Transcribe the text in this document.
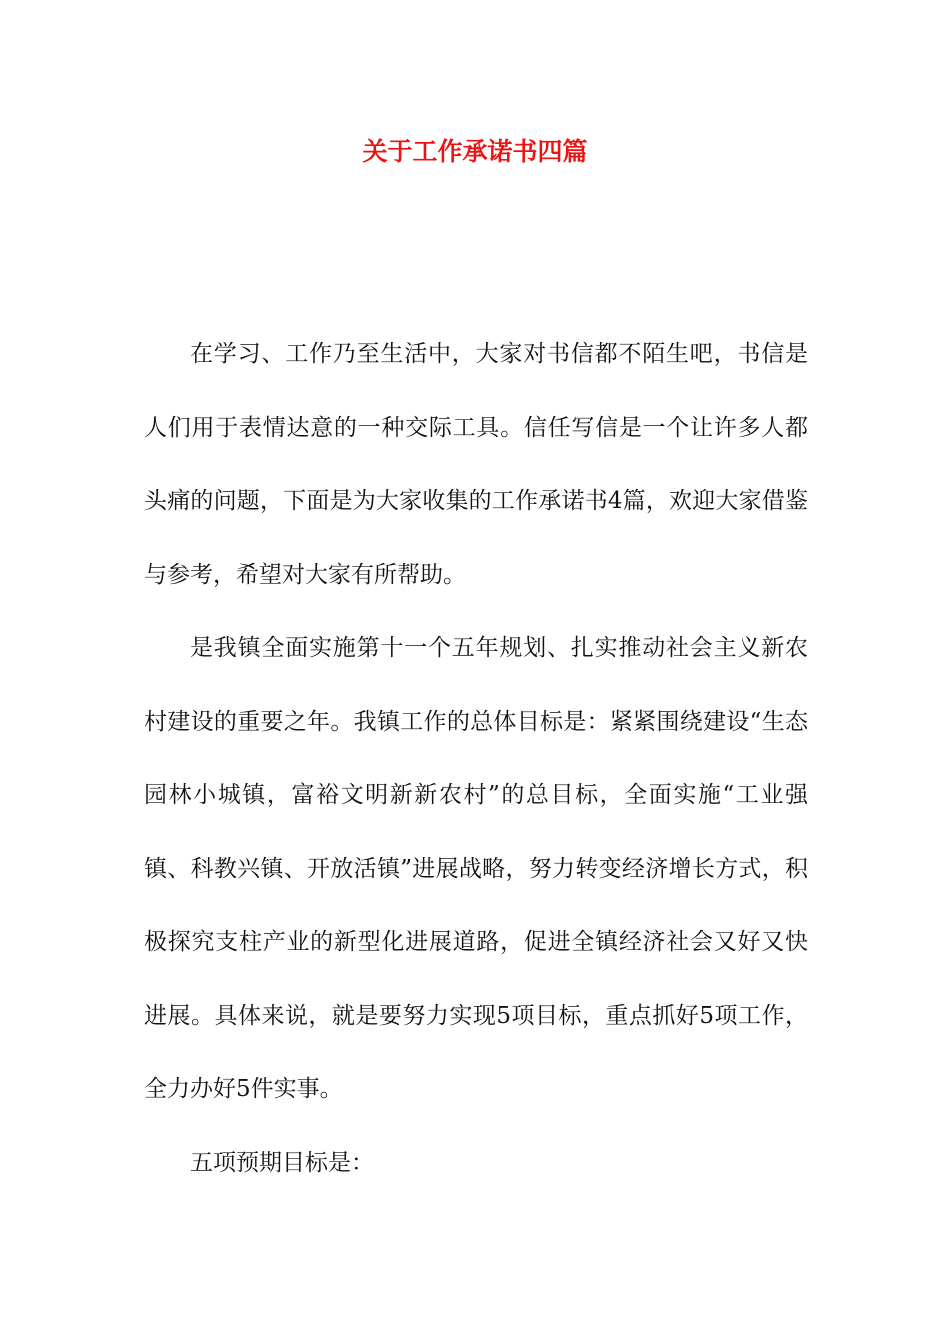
关于工作承诺书四篇

在学习、工作乃至生活中，大家对书信都不陌生吧，书信是人们用于表情达意的一种交际工具。信任写信是一个让许多人都头痛的问题，下面是为大家收集的工作承诺书4篇，欢迎大家借鉴与参考，希望对大家有所帮助。

是我镇全面实施第十一个五年规划、扎实推动社会主义新农村建设的重要之年。我镇工作的总体目标是：紧紧围绕建设“生态园林小城镇，富裕文明新新农村”的总目标，全面实施“工业强镇、科教兴镇、开放活镇”进展战略，努力转变经济增长方式，积极探究支柱产业的新型化进展道路，促进全镇经济社会又好又快进展。具体来说，就是要努力实现5项目标，重点抓好5项工作，全力办好5件实事。

五项预期目标是：
